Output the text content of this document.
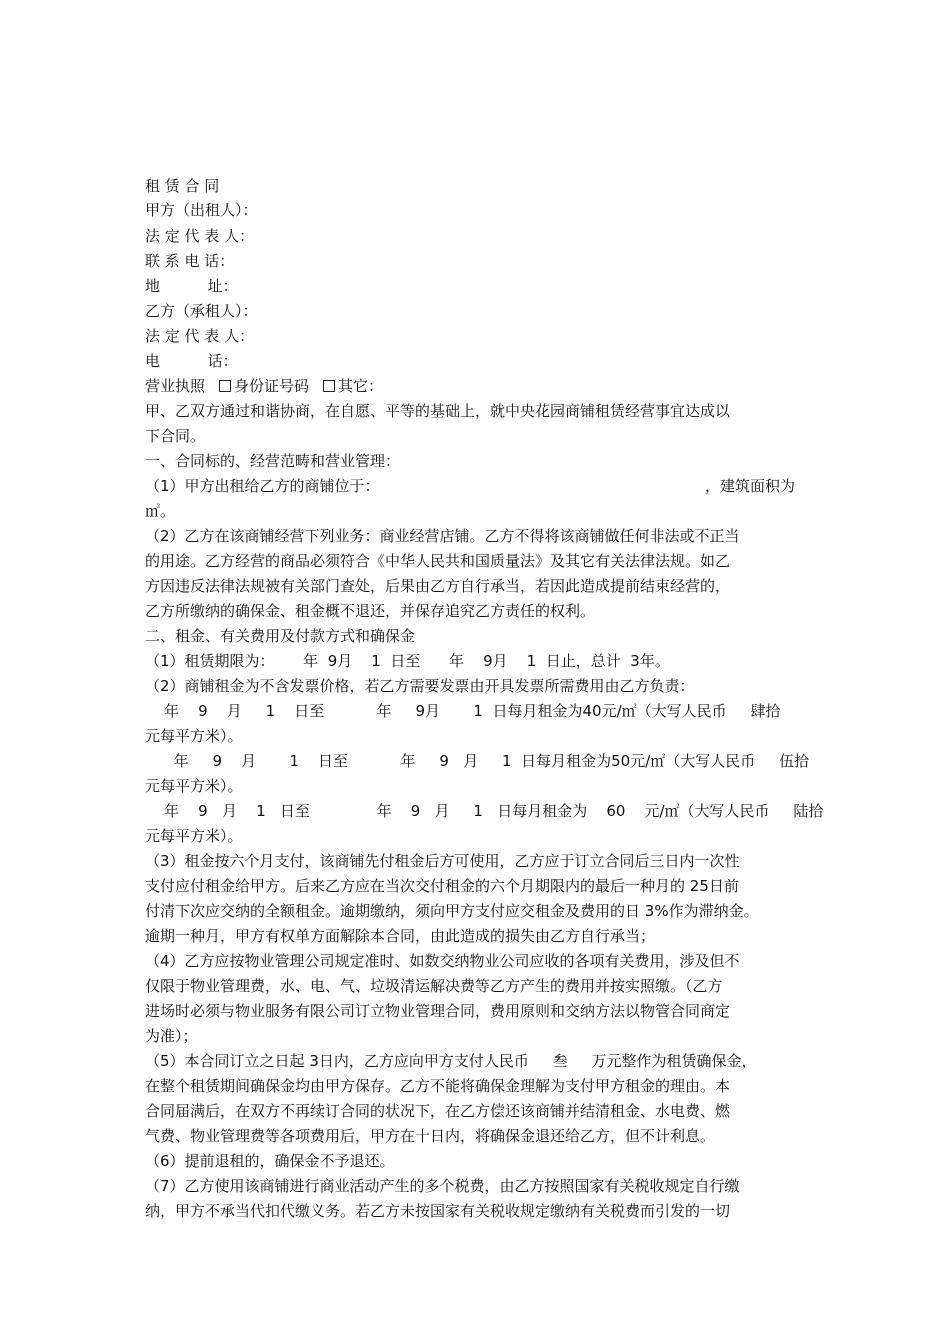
租 赁 合 同

甲方（出租人）：

法 定 代 表 人：

联 系 电 话：

地          址：

乙方（承租人）：

法 定 代 表 人：

电          话：

营业执照 身份证号码 其它：

甲、乙双方通过和谐协商，在自愿、平等的基础上，就中央花园商铺租赁经营事宜达成以

下合同。

一、合同标的、经营范畴和营业管理：

（1）甲方出租给乙方的商铺位于：	，建筑面积为

㎡。

（2）乙方在该商铺经营下列业务：商业经营店铺。乙方不得将该商铺做任何非法或不正当

的用途。乙方经营的商品必须符合《中华人民共和国质量法》及其它有关法律法规。如乙

方因违反法律法规被有关部门查处，后果由乙方自行承当，若因此造成提前结束经营的，

乙方所缴纳的确保金、租金概不退还，并保存追究乙方责任的权利。

二、租金、有关费用及付款方式和确保金

（1）租赁期限为：      年  9月    1  日至      年    9月    1  日止，总计  3年。

（2）商铺租金为不含发票价格，若乙方需要发票由开具发票所需费用由乙方负责：

年    9    月     1    日至           年     9月       1  日每月租金为40元/㎡（大写人民币     肆拾

元每平方米）。

年     9    月       1    日至           年     9   月     1  日每月租金为50元/㎡（大写人民币     伍拾

元每平方米）。

年    9   月    1   日至              年    9   月     1   日每月租金为    60    元/㎡（大写人民币     陆拾

元每平方米）。

（3）租金按六个月支付，该商铺先付租金后方可使用，乙方应于订立合同后三日内一次性

支付应付租金给甲方。后来乙方应在当次交付租金的六个月期限内的最后一种月的 25日前

付清下次应交纳的全额租金。逾期缴纳，须向甲方支付应交租金及费用的日 3%作为滞纳金。

逾期一种月，甲方有权单方面解除本合同，由此造成的损失由乙方自行承当；

（4）乙方应按物业管理公司规定准时、如数交纳物业公司应收的各项有关费用，涉及但不

仅限于物业管理费，水、电、气、垃圾清运解决费等乙方产生的费用并按实照缴。（乙方

进场时必须与物业服务有限公司订立物业管理合同，费用原则和交纳方法以物管合同商定

为准）；

（5）本合同订立之日起 3日内，乙方应向甲方支付人民币     叁     万元整作为租赁确保金，

在整个租赁期间确保金均由甲方保存。乙方不能将确保金理解为支付甲方租金的理由。本

合同届满后，在双方不再续订合同的状况下，在乙方偿还该商铺并结清租金、水电费、燃

气费、物业管理费等各项费用后，甲方在十日内，将确保金退还给乙方，但不计利息。

（6）提前退租的，确保金不予退还。

（7）乙方使用该商铺进行商业活动产生的多个税费，由乙方按照国家有关税收规定自行缴

纳，甲方不承当代扣代缴义务。若乙方未按国家有关税收规定缴纳有关税费而引发的一切
